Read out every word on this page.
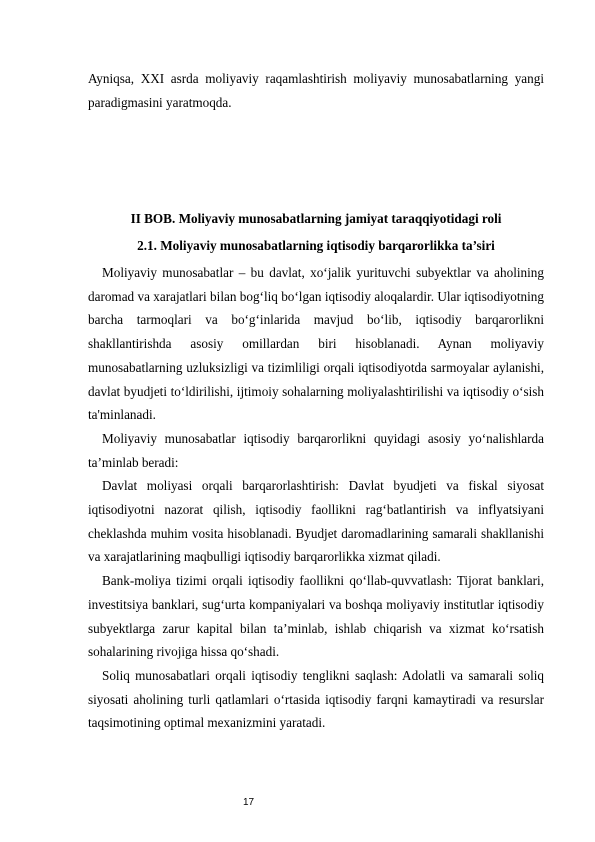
Ayniqsa, XXI asrda moliyaviy raqamlashtirish moliyaviy munosabatlarning yangi paradigmasini yaratmoqda.

II BOB. Moliyaviy munosabatlarning jamiyat taraqqiyotidagi roli

2.1. Moliyaviy munosabatlarning iqtisodiy barqarorlikka ta’siri

Moliyaviy munosabatlar – bu davlat, xo‘jalik yurituvchi subyektlar va aholining daromad va xarajatlari bilan bog‘liq bo‘lgan iqtisodiy aloqalardir. Ular iqtisodiyotning barcha tarmoqlari va bo‘g‘inlarida mavjud bo‘lib, iqtisodiy barqarorlikni shakllantirishda asosiy omillardan biri hisoblanadi. Aynan moliyaviy munosabatlarning uzluksizligi va tizimliligi orqali iqtisodiyotda sarmoyalar aylanishi, davlat byudjeti to‘ldirilishi, ijtimoiy sohalarning moliyalashtirilishi va iqtisodiy o‘sish ta'minlanadi.

Moliyaviy munosabatlar iqtisodiy barqarorlikni quyidagi asosiy yo‘nalishlarda ta’minlab beradi:

Davlat moliyasi orqali barqarorlashtirish: Davlat byudjeti va fiskal siyosat iqtisodiyotni nazorat qilish, iqtisodiy faollikni rag‘batlantirish va inflyatsiyani cheklashda muhim vosita hisoblanadi. Byudjet daromadlarining samarali shakllanishi va xarajatlarining maqbulligi iqtisodiy barqarorlikka xizmat qiladi.

Bank-moliya tizimi orqali iqtisodiy faollikni qo‘llab-quvvatlash: Tijorat banklari, investitsiya banklari, sug‘urta kompaniyalari va boshqa moliyaviy institutlar iqtisodiy subyektlarga zarur kapital bilan ta’minlab, ishlab chiqarish va xizmat ko‘rsatish sohalarining rivojiga hissa qo‘shadi.

Soliq munosabatlari orqali iqtisodiy tenglikni saqlash: Adolatli va samarali soliq siyosati aholining turli qatlamlari o‘rtasida iqtisodiy farqni kamaytiradi va resurslar taqsimotining optimal mexanizmini yaratadi.

17
